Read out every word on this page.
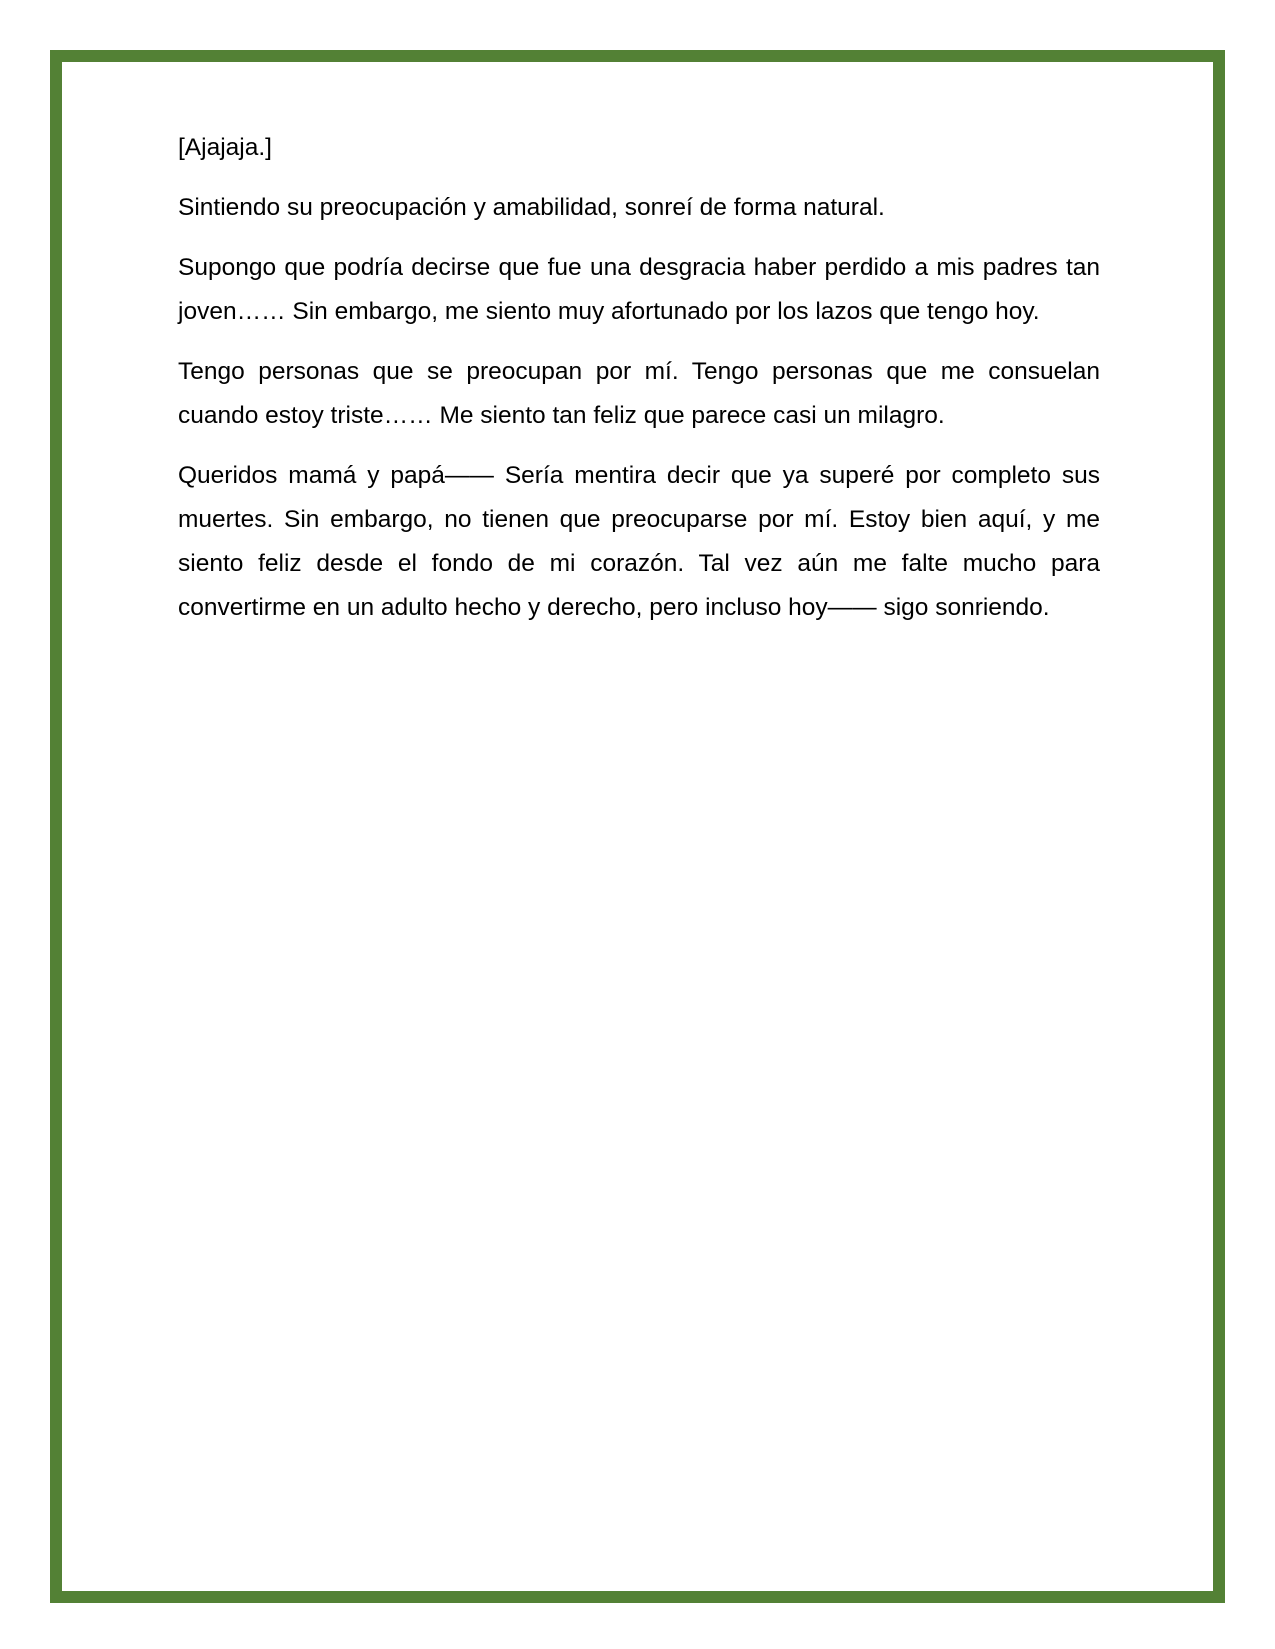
[Ajajaja.]

Sintiendo su preocupación y amabilidad, sonreí de forma natural.

Supongo que podría decirse que fue una desgracia haber perdido a mis padres tan joven…… Sin embargo, me siento muy afortunado por los lazos que tengo hoy.

Tengo personas que se preocupan por mí. Tengo personas que me consuelan cuando estoy triste…… Me siento tan feliz que parece casi un milagro.

Queridos mamá y papá—— Sería mentira decir que ya superé por completo sus muertes. Sin embargo, no tienen que preocuparse por mí. Estoy bien aquí, y me siento feliz desde el fondo de mi corazón. Tal vez aún me falte mucho para convertirme en un adulto hecho y derecho, pero incluso hoy—— sigo sonriendo.
